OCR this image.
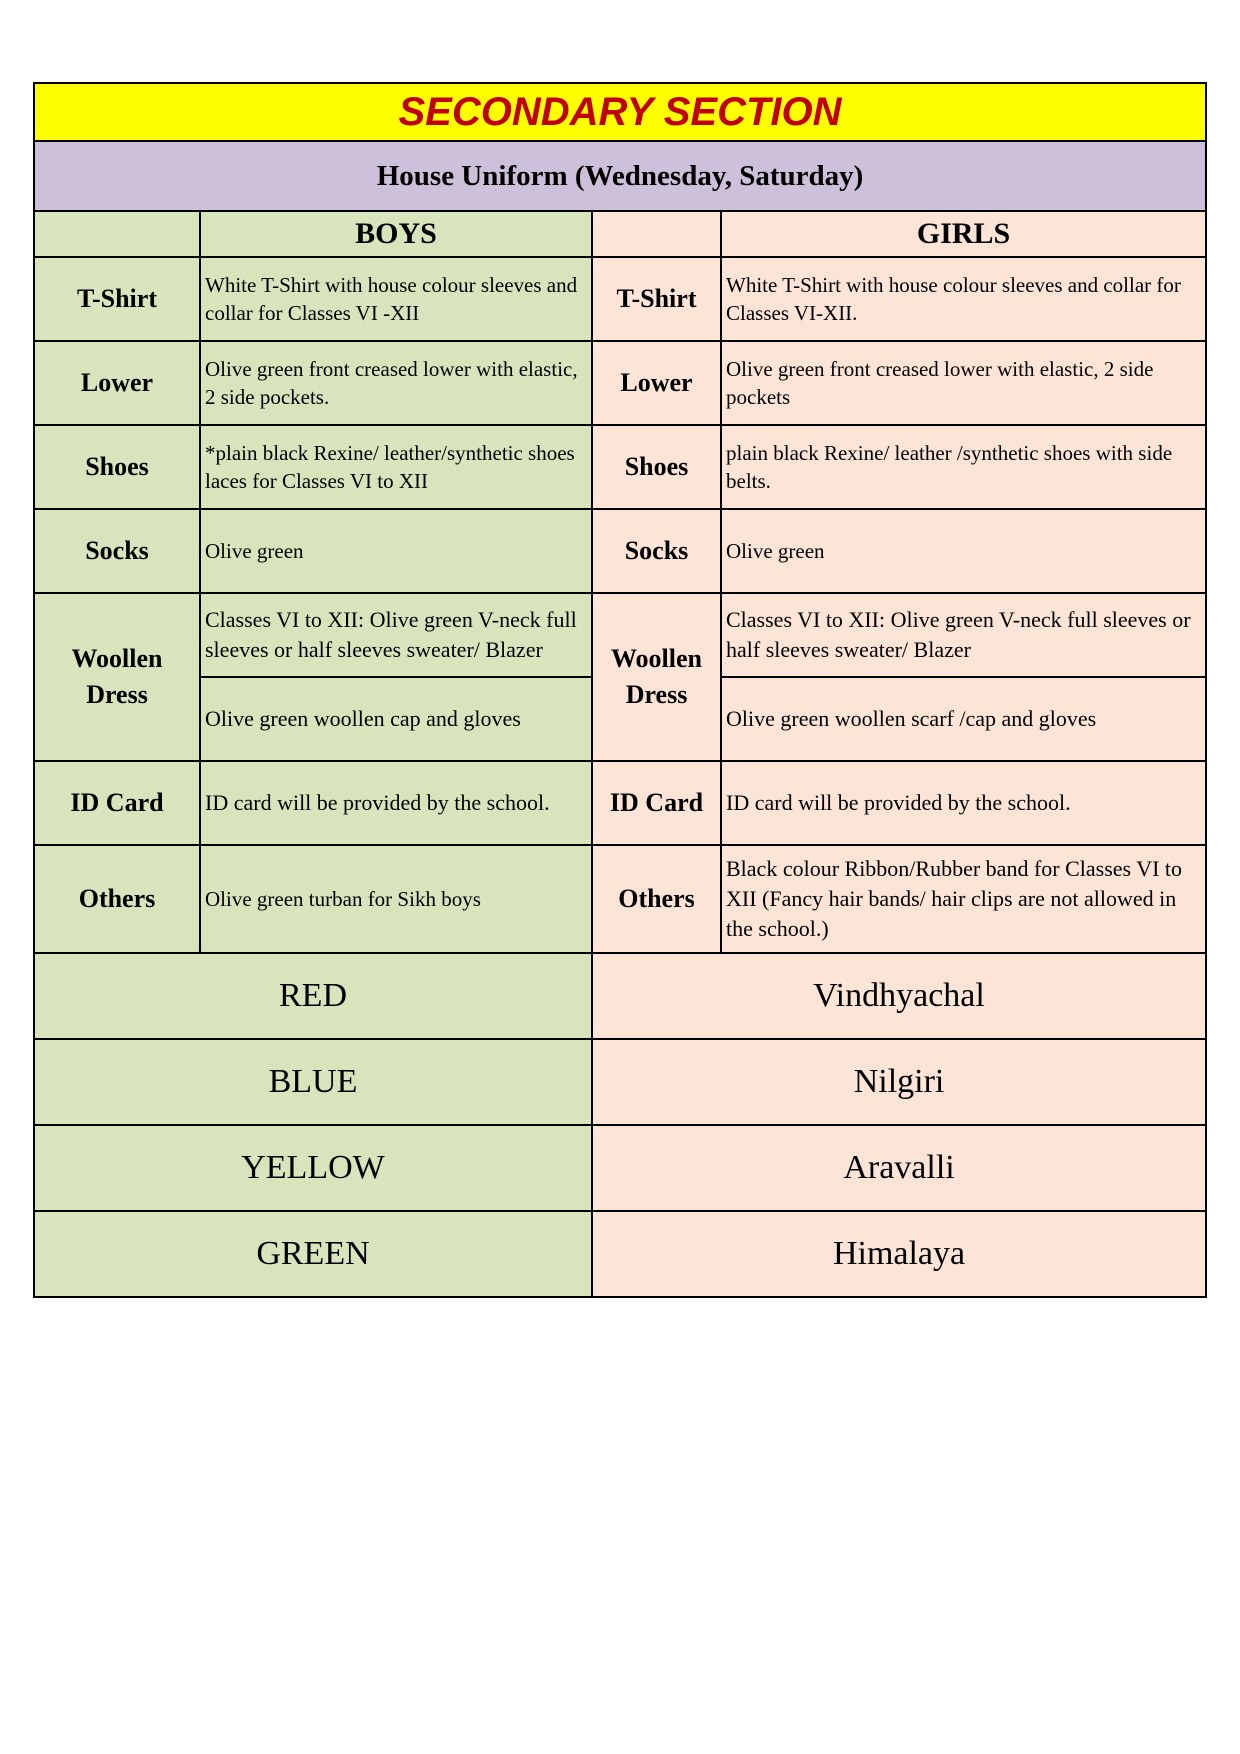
SECONDARY SECTION			
House Uniform (Wednesday, Saturday)			
	BOYS		GIRLS
T-Shirt	White T-Shirt with house colour sleeves and collar for Classes VI -XII	T-Shirt	White T-Shirt with house colour sleeves and collar for Classes VI-XII.
Lower	Olive green front creased lower with elastic, 2 side pockets.	Lower	Olive green front creased lower with elastic, 2 side pockets
Shoes	*plain black Rexine/ leather/synthetic shoes laces for Classes VI to XII	Shoes	plain black Rexine/ leather /synthetic shoes with side belts.
Socks	Olive green	Socks	Olive green
Woollen Dress	Classes VI to XII: Olive green V-neck full sleeves or half sleeves sweater/ Blazer	Woollen Dress	Classes VI to XII: Olive green V-neck full sleeves or half sleeves sweater/ Blazer
	Olive green woollen cap and gloves		Olive green woollen scarf /cap and gloves
ID Card	ID card will be provided by the school.	ID Card	ID card will be provided by the school.
Others	Olive green turban for Sikh boys	Others	Black colour Ribbon/Rubber band for Classes VI to XII (Fancy hair bands/ hair clips are not allowed in the school.)
RED		Vindhyachal	
BLUE		Nilgiri	
YELLOW		Aravalli	
GREEN		Himalaya	
